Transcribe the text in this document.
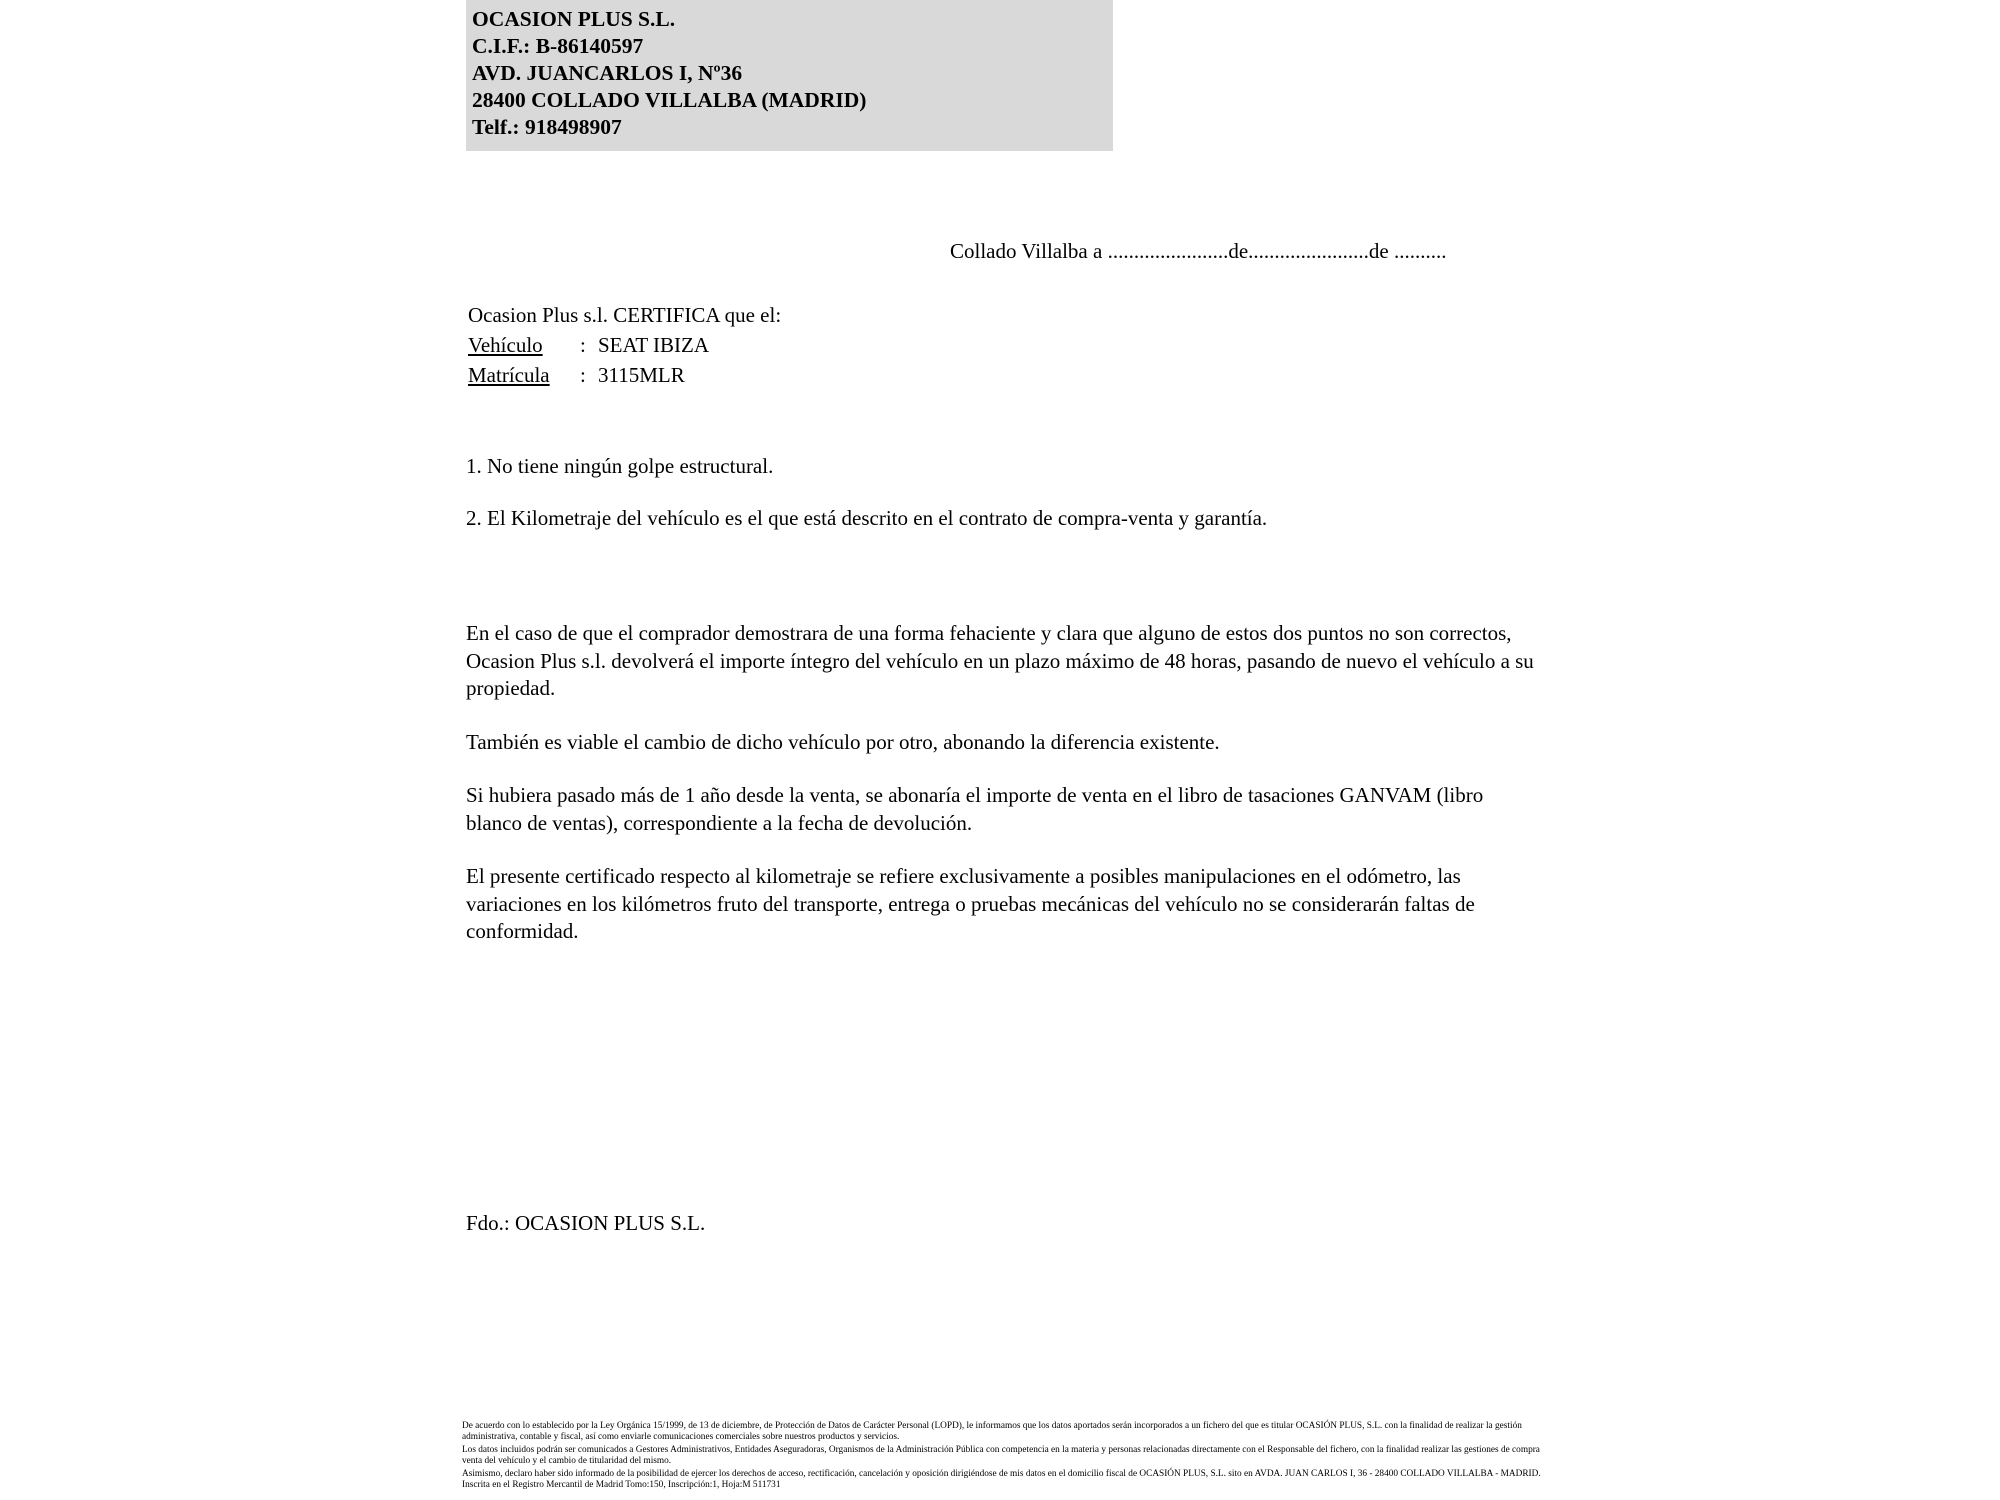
OCASION PLUS S.L.
C.I.F.: B-86140597
AVD. JUANCARLOS I, Nº36
28400 COLLADO VILLALBA (MADRID)
Telf.: 918498907
Collado Villalba a .......................de.......................de ..........
Ocasion Plus s.l. CERTIFICA que el:
Vehículo : SEAT IBIZA
Matrícula : 3115MLR
1. No tiene ningún golpe estructural.
2. El Kilometraje del vehículo es el que está descrito en el contrato de compra-venta y garantía.

En el caso de que el comprador demostrara de una forma fehaciente y clara que alguno de estos dos puntos no son correctos, Ocasion Plus s.l. devolverá el importe íntegro del vehículo en un plazo máximo de 48 horas, pasando de nuevo el vehículo a su propiedad.

También es viable el cambio de dicho vehículo por otro, abonando la diferencia existente.

Si hubiera pasado más de 1 año desde la venta, se abonaría el importe de venta en el libro de tasaciones GANVAM (libro blanco de ventas), correspondiente a la fecha de devolución.

El presente certificado respecto al kilometraje se refiere exclusivamente a posibles manipulaciones en el odómetro, las variaciones en los kilómetros fruto del transporte, entrega o pruebas mecánicas del vehículo no se considerarán faltas de conformidad.

Fdo.: OCASION PLUS S.L.
De acuerdo con lo establecido por la Ley Orgánica 15/1999, de 13 de diciembre, de Protección de Datos de Carácter Personal (LOPD), le informamos que los datos aportados serán incorporados a un fichero del que es titular OCASIÓN PLUS, S.L. con la finalidad de realizar la gestión administrativa, contable y fiscal, así como enviarle comunicaciones comerciales sobre nuestros productos y servicios.
Los datos incluidos podrán ser comunicados a Gestores Administrativos, Entidades Aseguradoras, Organismos de la Administración Pública con competencia en la materia y personas relacionadas directamente con el Responsable del fichero, con la finalidad realizar las gestiones de compra venta del vehículo y el cambio de titularidad del mismo.
Asimismo, declaro haber sido informado de la posibilidad de ejercer los derechos de acceso, rectificación, cancelación y oposición dirigiéndose de mis datos en el domicilio fiscal de OCASIÓN PLUS, S.L. sito en AVDA. JUAN CARLOS I, 36 - 28400 COLLADO VILLALBA - MADRID. Inscrita en el Registro Mercantil de Madrid Tomo:150, Inscripción:1, Hoja:M 511731
